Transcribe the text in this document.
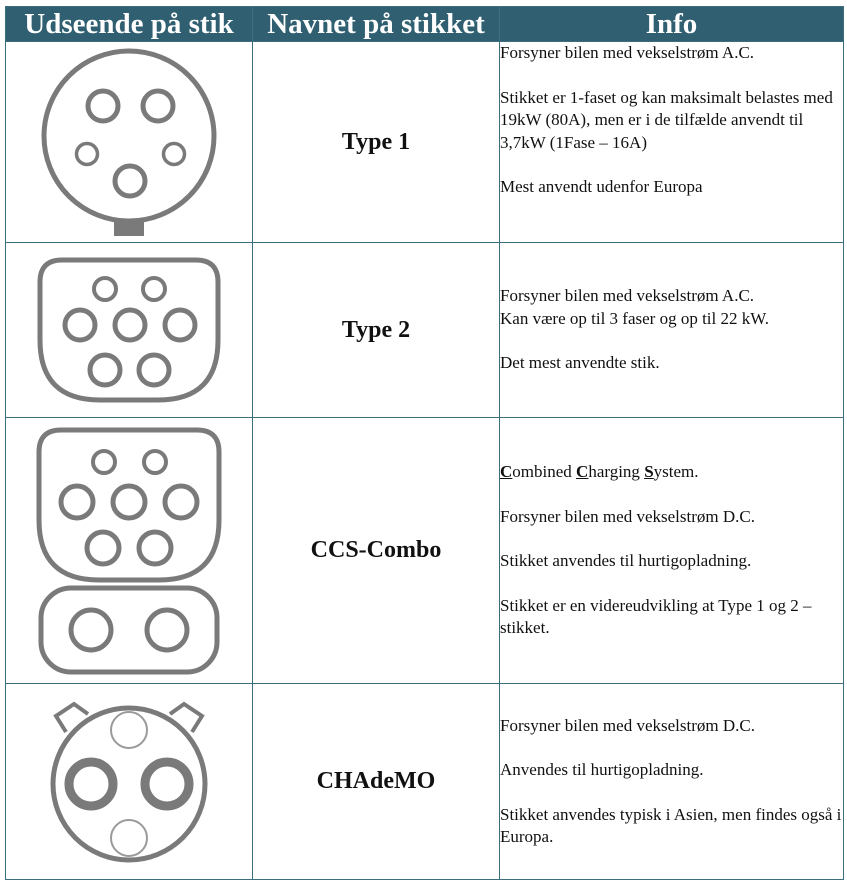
Udseende på stik	Navnet på stikket	Info

	Type 1	Forsyner bilen med vekselstrøm A.C.

Stikket er 1-faset og kan maksimalt belastes med 19kW (80A), men er i de tilfælde anvendt til 3,7kW (1Fase – 16A)

Mest anvendt udenfor Europa

	Type 2	Forsyner bilen med vekselstrøm A.C.
Kan være op til 3 faser og op til 22 kW.

Det mest anvendte stik.

	CCS-Combo	Combined Charging System.

Forsyner bilen med vekselstrøm D.C.

Stikket anvendes til hurtigopladning.

Stikket er en videreudvikling at Type 1 og 2 – stikket.

	CHAdeMO	Forsyner bilen med vekselstrøm D.C.

Anvendes til hurtigopladning.

Stikket anvendes typisk i Asien, men findes også i Europa.
